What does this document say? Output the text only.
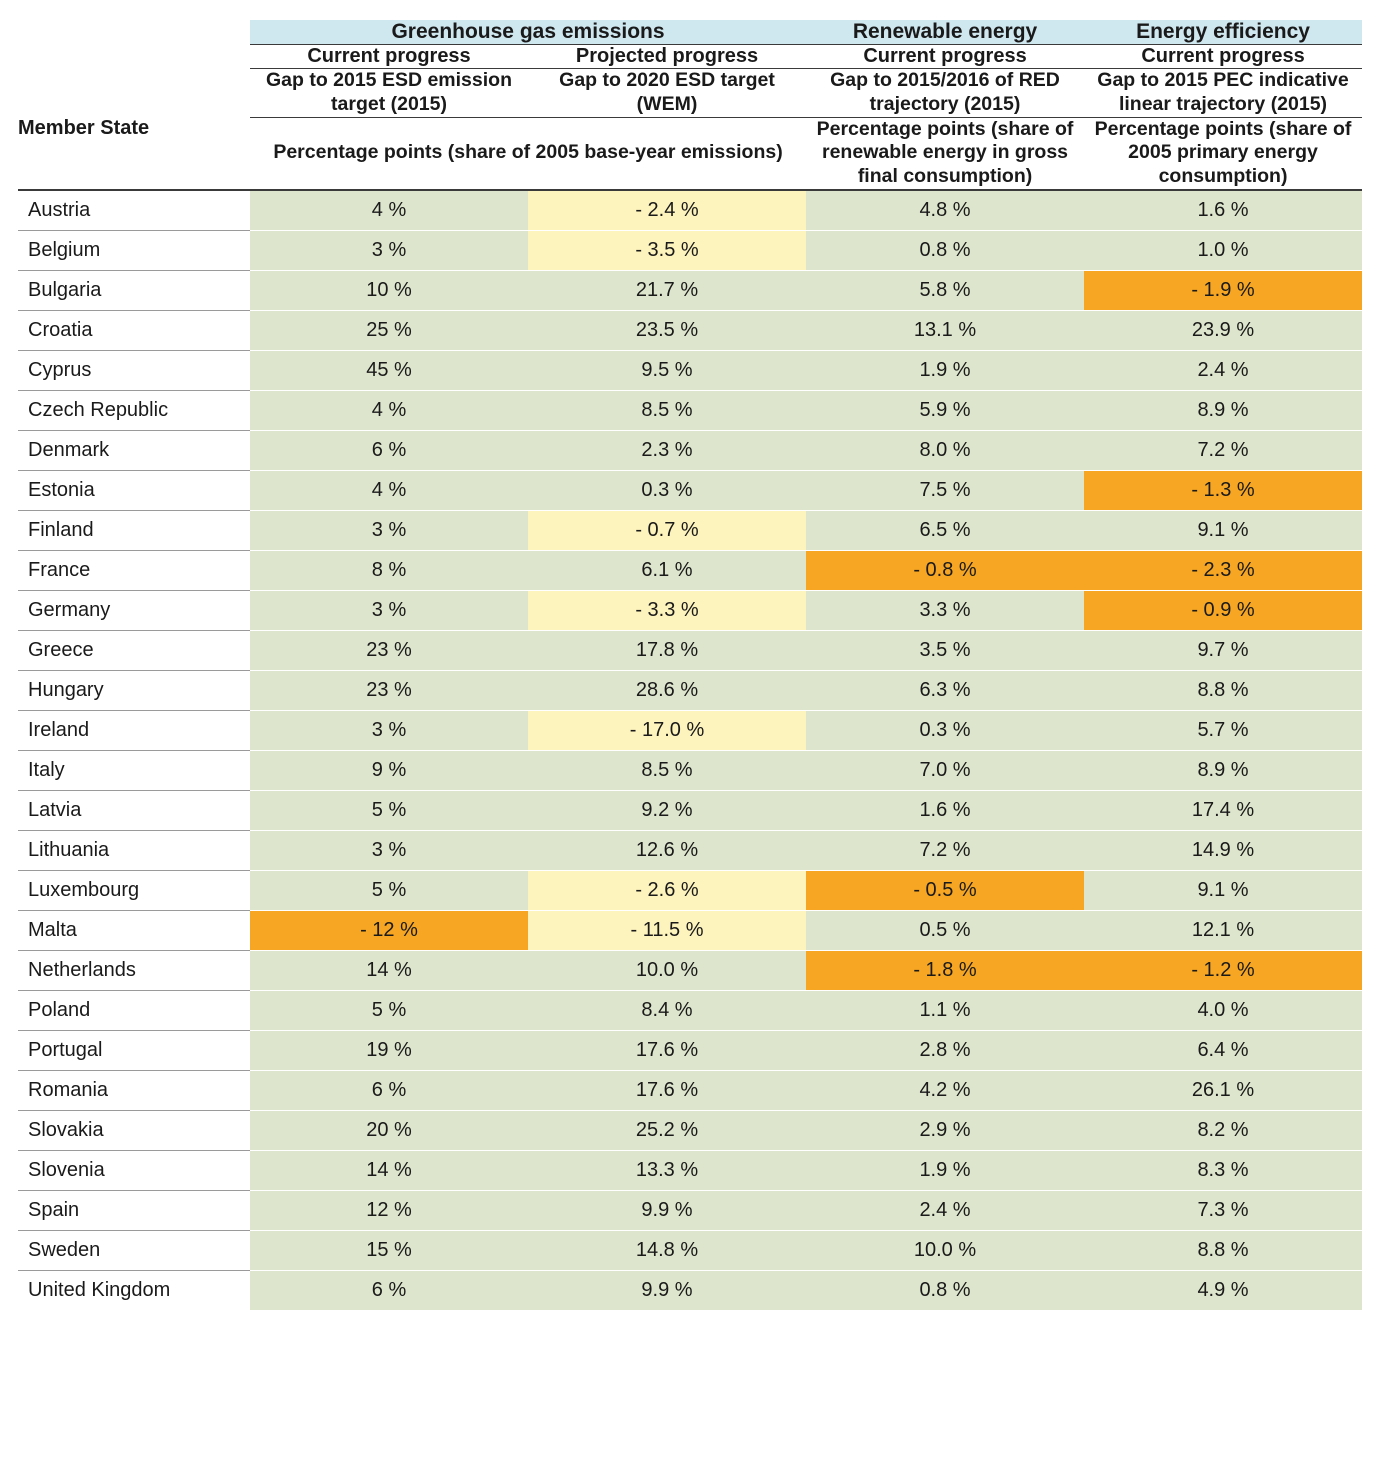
	Greenhouse gas emissions		Renewable energy	Energy efficiency
	Current progress	Projected progress	Current progress	Current progress
Member State	Gap to 2015 ESD emission target (2015)	Gap to 2020 ESD target (WEM)	Gap to 2015/2016 of RED trajectory (2015)	Gap to 2015 PEC indicative linear trajectory (2015)
	Percentage points (share of 2005 base-year emissions)		Percentage points (share of renewable energy in gross final consumption)	Percentage points (share of 2005 primary energy consumption)

Austria	4 %	- 2.4 %	4.8 %	1.6 %
Belgium	3 %	- 3.5 %	0.8 %	1.0 %
Bulgaria	10 %	21.7 %	5.8 %	- 1.9 %
Croatia	25 %	23.5 %	13.1 %	23.9 %
Cyprus	45 %	9.5 %	1.9 %	2.4 %
Czech Republic	4 %	8.5 %	5.9 %	8.9 %
Denmark	6 %	2.3 %	8.0 %	7.2 %
Estonia	4 %	0.3 %	7.5 %	- 1.3 %
Finland	3 %	- 0.7 %	6.5 %	9.1 %
France	8 %	6.1 %	- 0.8 %	- 2.3 %
Germany	3 %	- 3.3 %	3.3 %	- 0.9 %
Greece	23 %	17.8 %	3.5 %	9.7 %
Hungary	23 %	28.6 %	6.3 %	8.8 %
Ireland	3 %	- 17.0 %	0.3 %	5.7 %
Italy	9 %	8.5 %	7.0 %	8.9 %
Latvia	5 %	9.2 %	1.6 %	17.4 %
Lithuania	3 %	12.6 %	7.2 %	14.9 %
Luxembourg	5 %	- 2.6 %	- 0.5 %	9.1 %
Malta	- 12 %	- 11.5 %	0.5 %	12.1 %
Netherlands	14 %	10.0 %	- 1.8 %	- 1.2 %
Poland	5 %	8.4 %	1.1 %	4.0 %
Portugal	19 %	17.6 %	2.8 %	6.4 %
Romania	6 %	17.6 %	4.2 %	26.1 %
Slovakia	20 %	25.2 %	2.9 %	8.2 %
Slovenia	14 %	13.3 %	1.9 %	8.3 %
Spain	12 %	9.9 %	2.4 %	7.3 %
Sweden	15 %	14.8 %	10.0 %	8.8 %
United Kingdom	6 %	9.9 %	0.8 %	4.9 %
